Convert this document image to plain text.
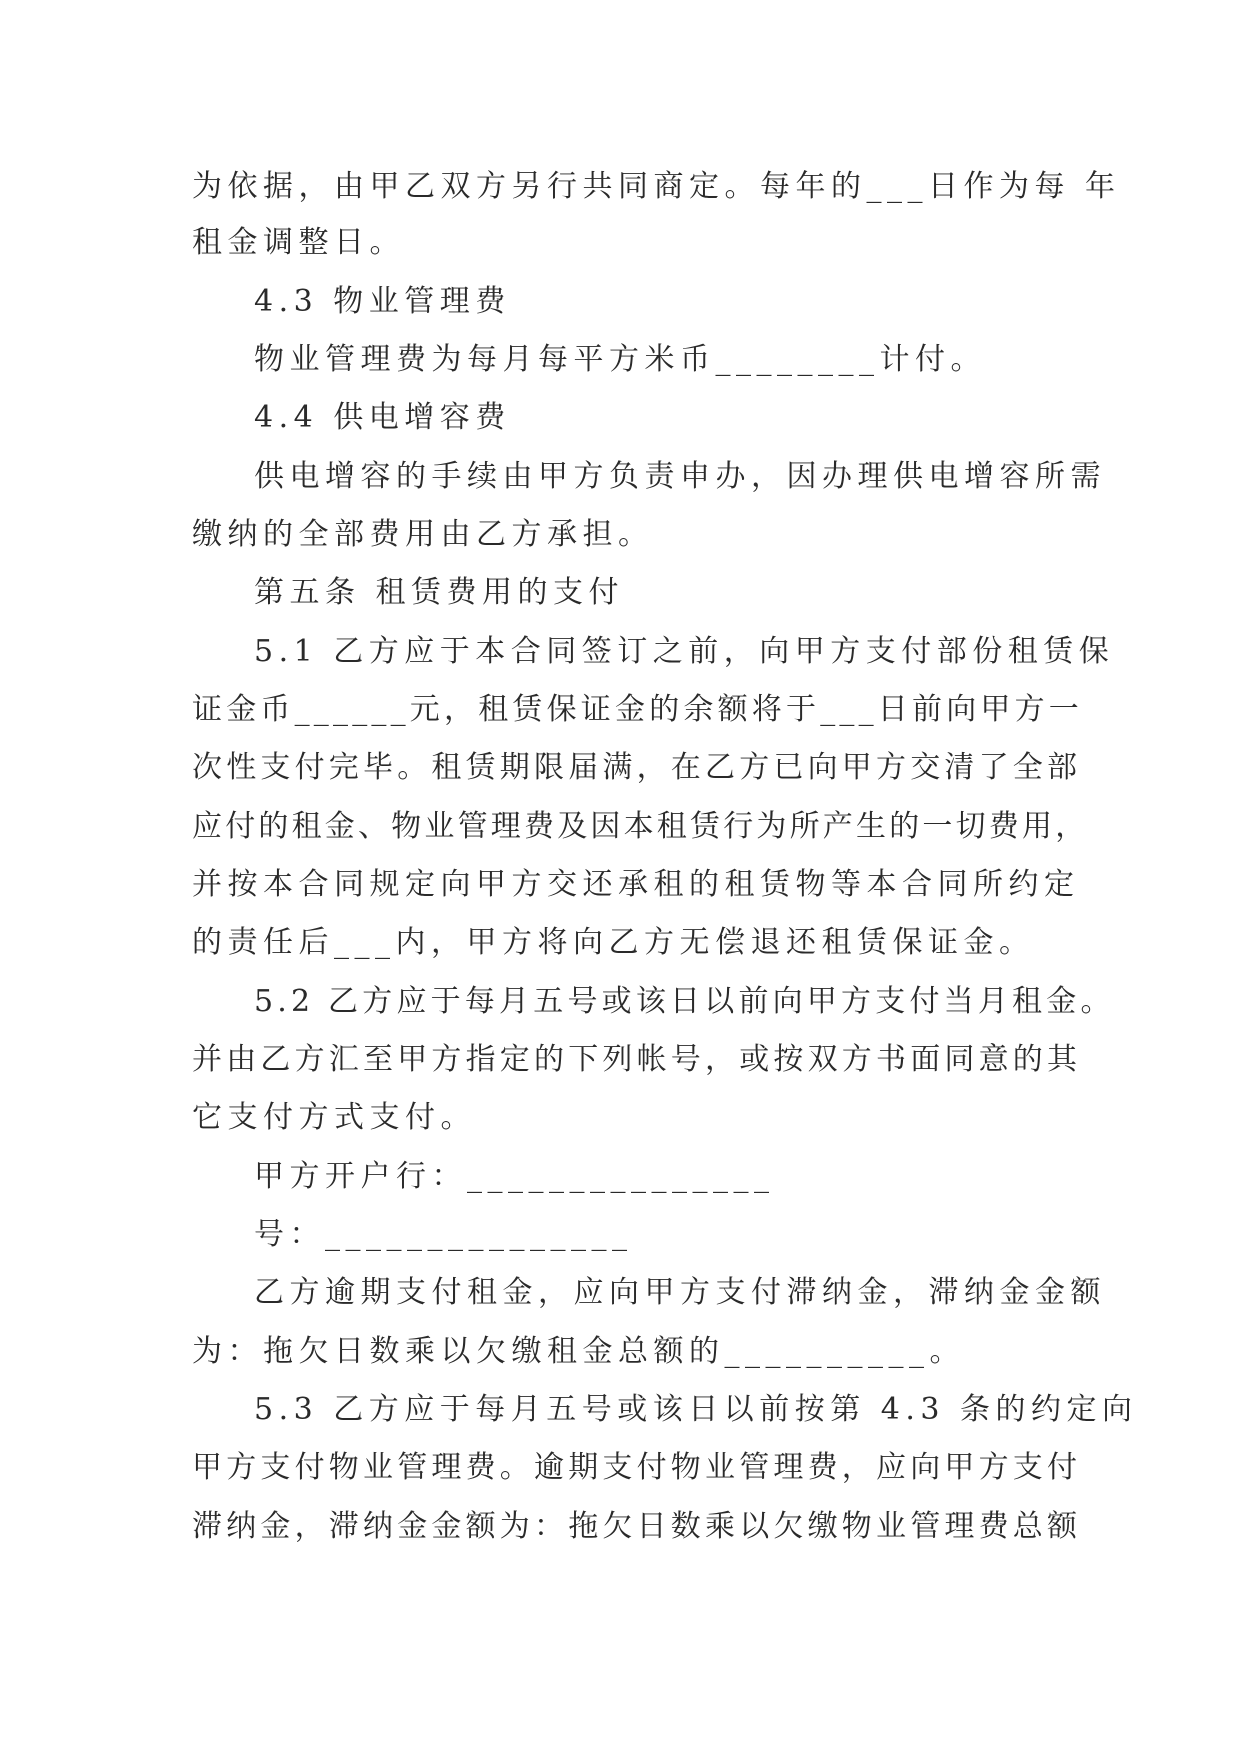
为依据，由甲乙双方另行共同商定。每年的___日作为每 年
租金调整日。
4.3 物业管理费
物业管理费为每月每平方米币________计付。
4.4 供电增容费
供电增容的手续由甲方负责申办，因办理供电增容所需
缴纳的全部费用由乙方承担。
第五条 租赁费用的支付
5.1 乙方应于本合同签订之前，向甲方支付部份租赁保
证金币______元，租赁保证金的余额将于___日前向甲方一
次性支付完毕。租赁期限届满，在乙方已向甲方交清了全部
应付的租金、物业管理费及因本租赁行为所产生的一切费用，
并按本合同规定向甲方交还承租的租赁物等本合同所约定
的责任后___内，甲方将向乙方无偿退还租赁保证金。
5.2 乙方应于每月五号或该日以前向甲方支付当月租金。
并由乙方汇至甲方指定的下列帐号，或按双方书面同意的其
它支付方式支付。
甲方开户行：_______________
号：_______________
乙方逾期支付租金，应向甲方支付滞纳金，滞纳金金额
为：拖欠日数乘以欠缴租金总额的__________。
5.3 乙方应于每月五号或该日以前按第 4.3 条的约定向
甲方支付物业管理费。逾期支付物业管理费，应向甲方支付
滞纳金，滞纳金金额为：拖欠日数乘以欠缴物业管理费总额
